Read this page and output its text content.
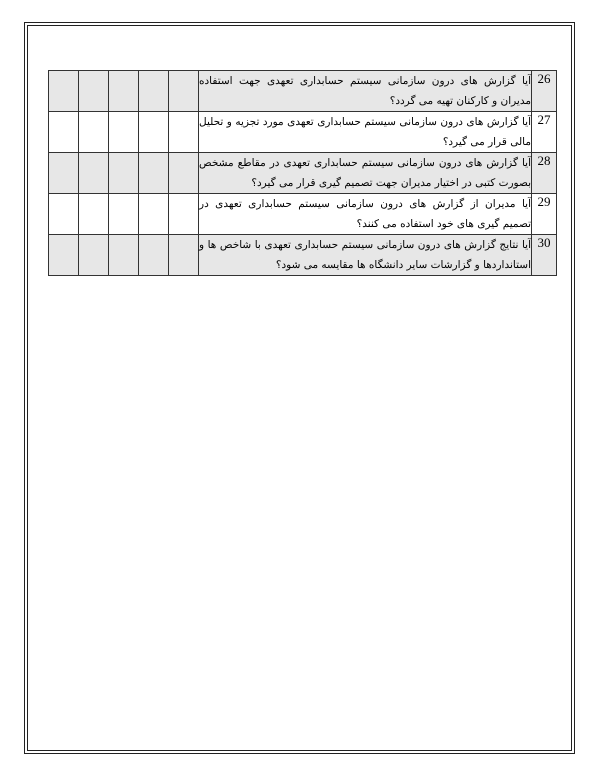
					آیا گزارش های درون سازمانی سیستم حسابداری تعهدی جهت استفاده مدیران و کارکنان تهیه می گردد؟	26
					آیا گزارش های درون سازمانی سیستم حسابداری تعهدی مورد تجزیه و تحلیل مالی قرار می گیرد؟	27
					آیا گزارش های درون سازمانی سیستم حسابداری تعهدی در مقاطع مشخص بصورت کتبی در اختیار مدیران جهت تصمیم گیری قرار می گیرد؟	28
					آیا مدیران از گزارش های درون سازمانی سیستم حسابداری تعهدی در تصمیم گیری های خود استفاده می کنند؟	29
					آیا نتایج گزارش های درون سازمانی سیستم حسابداری تعهدی با شاخص ها و استانداردها و گزارشات سایر دانشگاه ها مقایسه می شود؟	30
